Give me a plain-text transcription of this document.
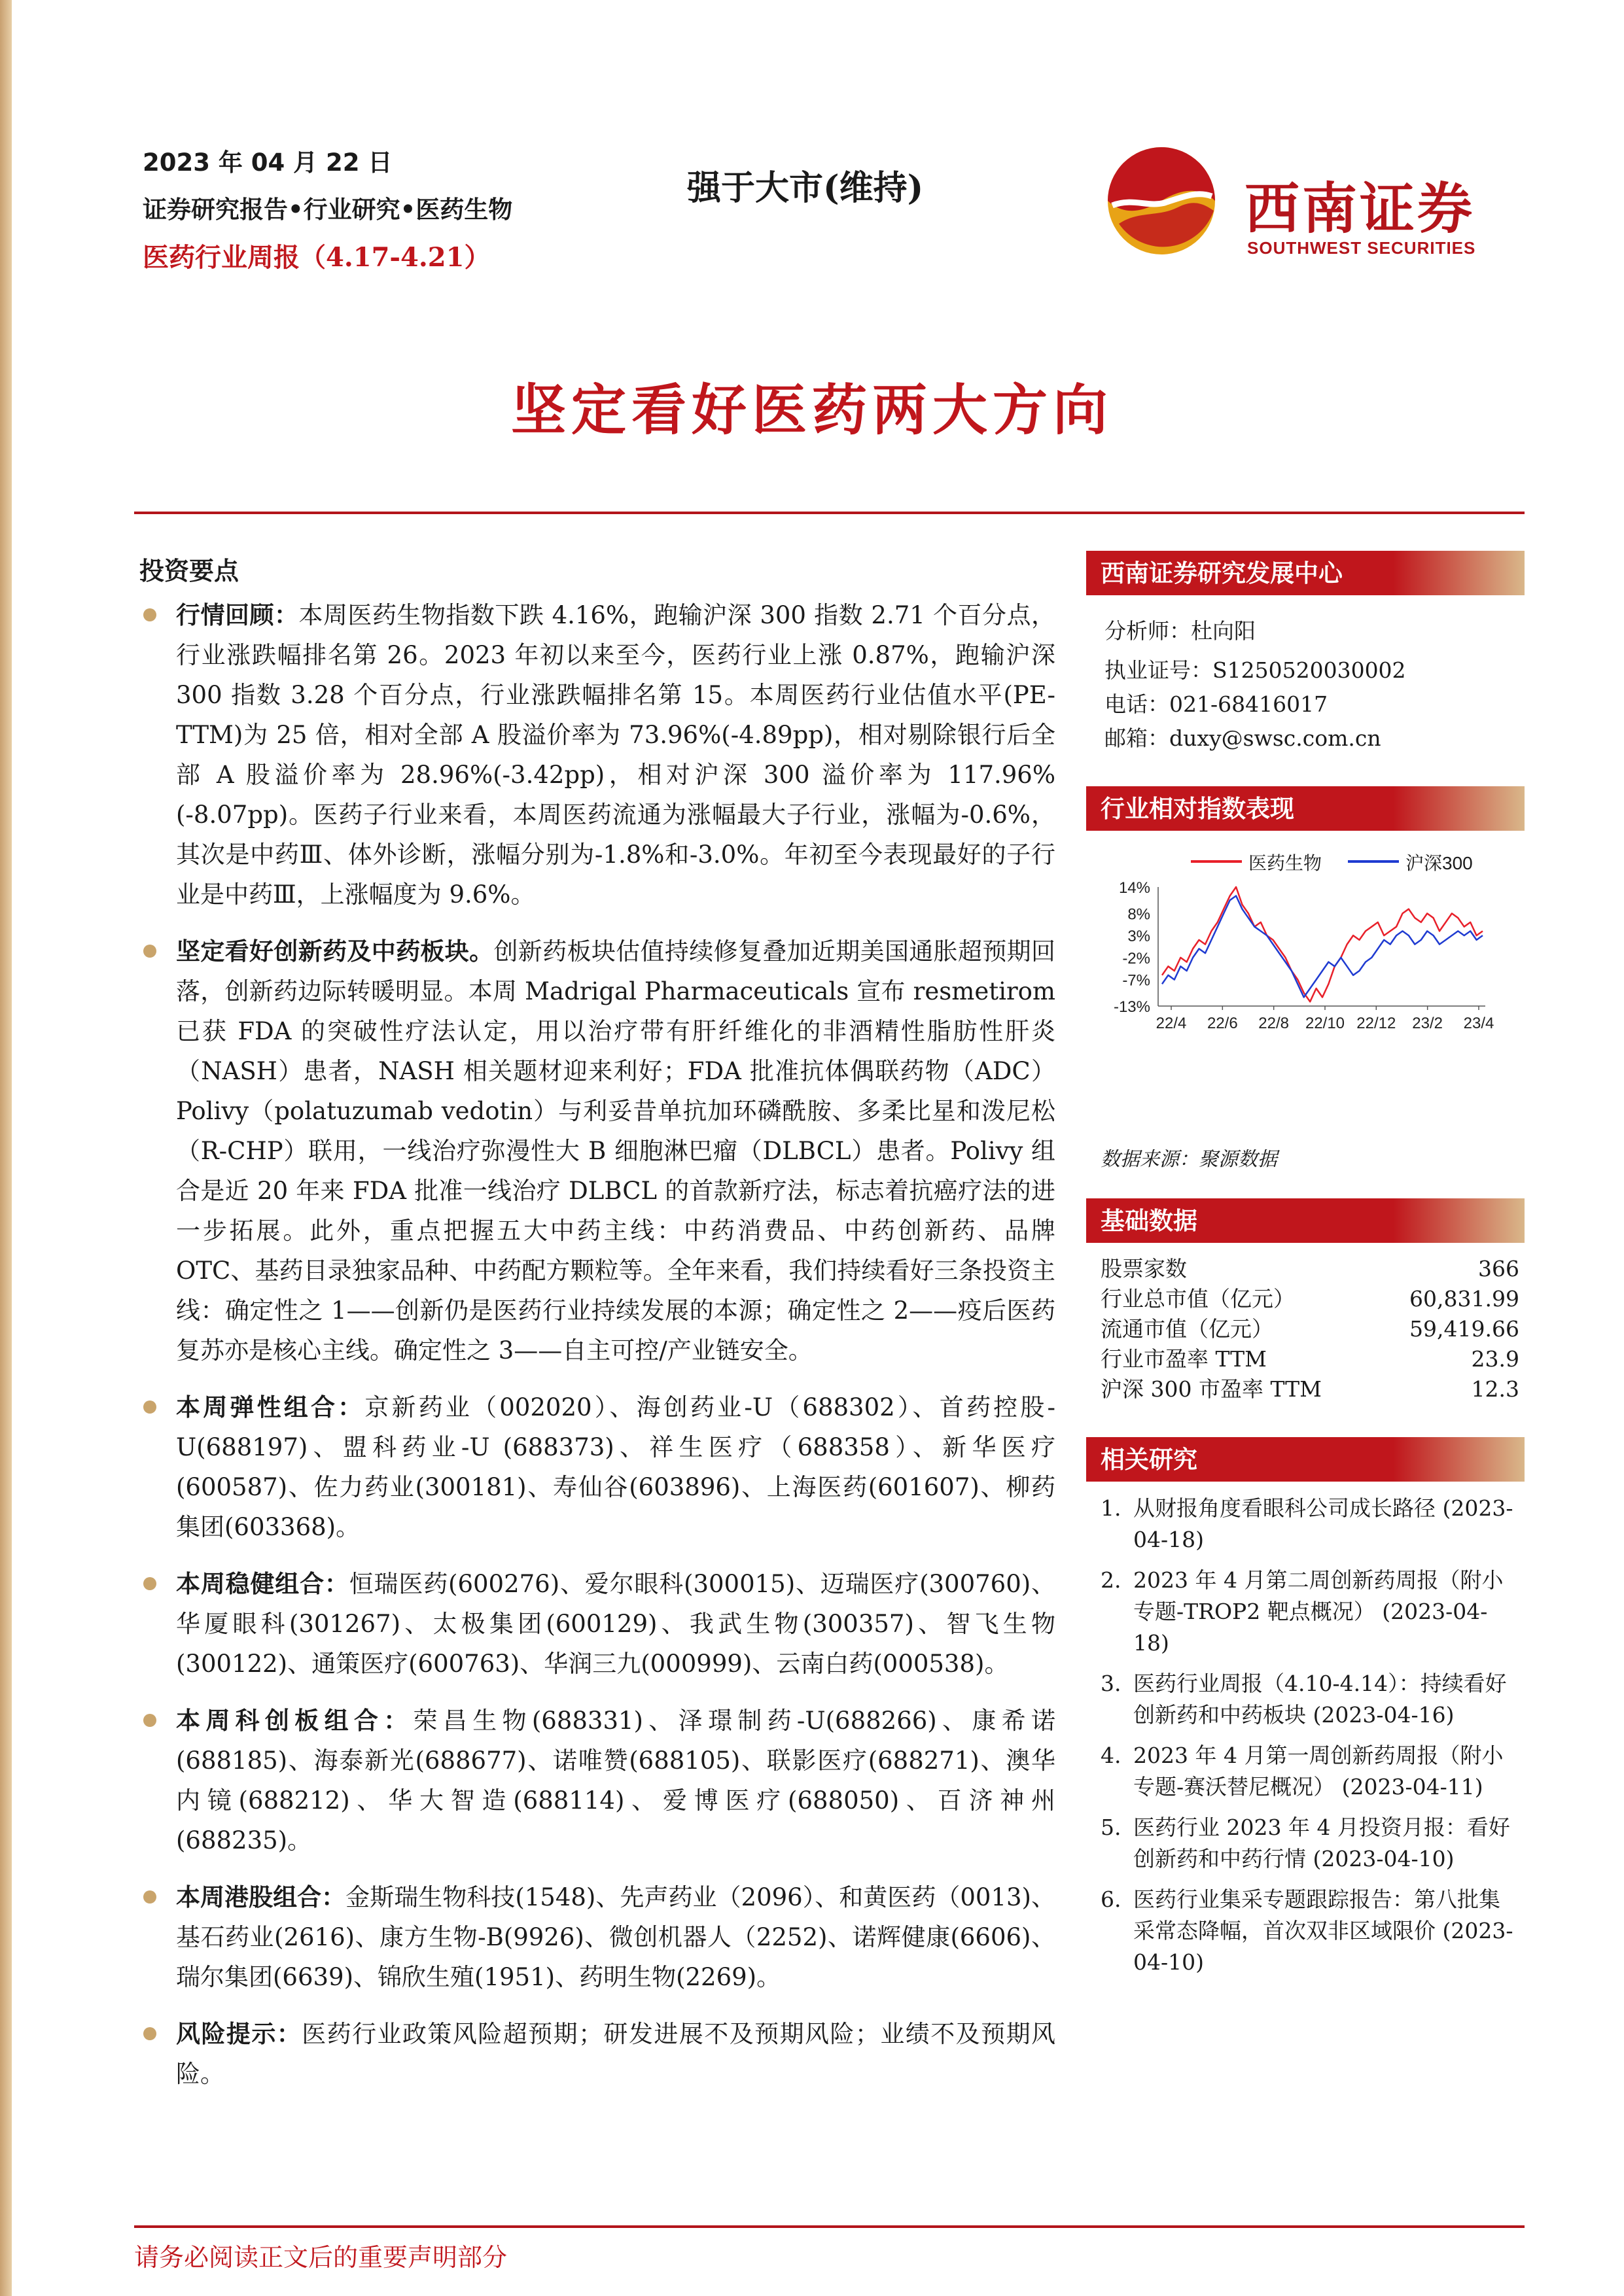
2023 年 04 月 22 日
证券研究报告•行业研究•医药生物
医药行业周报（4.17-4.21）
强于大市(维持)	西南证券
SOUTHWEST SECURITIES
坚定看好医药两大方向
投资要点
行情回顾：本周医药生物指数下跌 4.16%，跑输沪深 300 指数 2.71 个百分点，行业涨跌幅排名第 26。2023 年初以来至今，医药行业上涨 0.87%，跑输沪深 300 指数 3.28 个百分点，行业涨跌幅排名第 15。本周医药行业估值水平(PE-TTM)为 25 倍，相对全部 A 股溢价率为 73.96%(-4.89pp)，相对剔除银行后全部 A 股溢价率为 28.96%(-3.42pp)，相对沪深 300 溢价率为 117.96%(-8.07pp)。医药子行业来看，本周医药流通为涨幅最大子行业，涨幅为-0.6%，其次是中药Ⅲ、体外诊断，涨幅分别为-1.8%和-3.0%。年初至今表现最好的子行业是中药Ⅲ，上涨幅度为 9.6%。
坚定看好创新药及中药板块。创新药板块估值持续修复叠加近期美国通胀超预期回落，创新药边际转暖明显。本周 Madrigal Pharmaceuticals 宣布 resmetirom 已获 FDA 的突破性疗法认定，用以治疗带有肝纤维化的非酒精性脂肪性肝炎（NASH）患者，NASH 相关题材迎来利好；FDA 批准抗体偶联药物（ADC）Polivy（polatuzumab vedotin）与利妥昔单抗加环磷酰胺、多柔比星和泼尼松（R-CHP）联用，一线治疗弥漫性大 B 细胞淋巴瘤（DLBCL）患者。Polivy 组合是近 20 年来 FDA 批准一线治疗 DLBCL 的首款新疗法，标志着抗癌疗法的进一步拓展。此外，重点把握五大中药主线：中药消费品、中药创新药、品牌 OTC、基药目录独家品种、中药配方颗粒等。全年来看，我们持续看好三条投资主线：确定性之 1——创新仍是医药行业持续发展的本源；确定性之 2——疫后医药复苏亦是核心主线。确定性之 3——自主可控/产业链安全。
本周弹性组合：京新药业（002020）、海创药业-U（688302）、首药控股-U(688197)、盟科药业-U (688373)、祥生医疗（688358）、新华医疗(600587)、佐力药业(300181)、寿仙谷(603896)、上海医药(601607)、柳药集团(603368)。
本周稳健组合：恒瑞医药(600276)、爱尔眼科(300015)、迈瑞医疗(300760)、华厦眼科(301267)、太极集团(600129)、我武生物(300357)、智飞生物(300122)、通策医疗(600763)、华润三九(000999)、云南白药(000538)。
本周科创板组合：荣昌生物(688331)、泽璟制药-U(688266)、康希诺(688185)、海泰新光(688677)、诺唯赞(688105)、联影医疗(688271)、澳华内镜(688212)、华大智造(688114)、爱博医疗(688050)、百济神州(688235)。
本周港股组合：金斯瑞生物科技(1548)、先声药业（2096）、和黄医药（0013)、基石药业(2616)、康方生物-B(9926)、微创机器人（2252)、诺辉健康(6606)、瑞尔集团(6639)、锦欣生殖(1951)、药明生物(2269)。
风险提示：医药行业政策风险超预期；研发进展不及预期风险；业绩不及预期风险。
西南证券研究发展中心
分析师：杜向阳
执业证号：S1250520030002
电话：021-68416017
邮箱：duxy@swsc.com.cn
行业相对指数表现
医药生物	沪深300
14%
8%
3%
-2%
-7%
-13%
22/4 22/6 22/8 22/10 22/12 23/2 23/4
数据来源：聚源数据
基础数据
股票家数	366
行业总市值（亿元）	60,831.99
流通市值（亿元）	59,419.66
行业市盈率 TTM	23.9
沪深 300 市盈率 TTM	12.3
相关研究
1. 从财报角度看眼科公司成长路径 (2023-04-18)
2. 2023 年 4 月第二周创新药周报（附小专题-TROP2 靶点概况） (2023-04-18)
3. 医药行业周报（4.10-4.14）：持续看好创新药和中药板块 (2023-04-16)
4. 2023 年 4 月第一周创新药周报（附小专题-赛沃替尼概况） (2023-04-11)
5. 医药行业 2023 年 4 月投资月报：看好创新药和中药行情 (2023-04-10)
6. 医药行业集采专题跟踪报告：第八批集采常态降幅，首次双非区域限价 (2023-04-10)
请务必阅读正文后的重要声明部分
